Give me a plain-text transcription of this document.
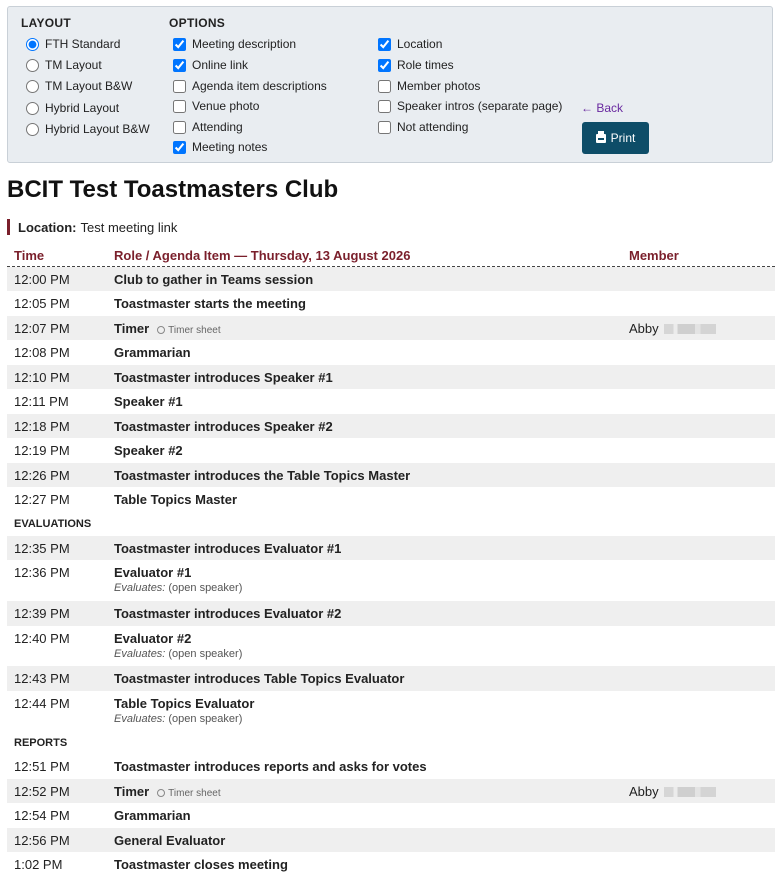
LAYOUT	OPTIONS
FTH Standard
TM Layout
TM Layout B&W
Hybrid Layout
Hybrid Layout B&W
Meeting description
Online link
Agenda item descriptions
Venue photo
Attending
Meeting notes
Location
Role times
Member photos
Speaker intros (separate page)
Not attending
← Back
Print
BCIT Test Toastmasters Club
Location: Test meeting link
Time	Role / Agenda Item — Thursday, 13 August 2026	Member
12:00 PM	Club to gather in Teams session
12:05 PM	Toastmaster starts the meeting
12:07 PM	Timer Timer sheet	Abby
12:08 PM	Grammarian
12:10 PM	Toastmaster introduces Speaker #1
12:11 PM	Speaker #1
12:18 PM	Toastmaster introduces Speaker #2
12:19 PM	Speaker #2
12:26 PM	Toastmaster introduces the Table Topics Master
12:27 PM	Table Topics Master
EVALUATIONS
12:35 PM	Toastmaster introduces Evaluator #1
12:36 PM	Evaluator #1
Evaluates: (open speaker)
12:39 PM	Toastmaster introduces Evaluator #2
12:40 PM	Evaluator #2
Evaluates: (open speaker)
12:43 PM	Toastmaster introduces Table Topics Evaluator
12:44 PM	Table Topics Evaluator
Evaluates: (open speaker)
REPORTS
12:51 PM	Toastmaster introduces reports and asks for votes
12:52 PM	Timer Timer sheet	Abby
12:54 PM	Grammarian
12:56 PM	General Evaluator
1:02 PM	Toastmaster closes meeting
